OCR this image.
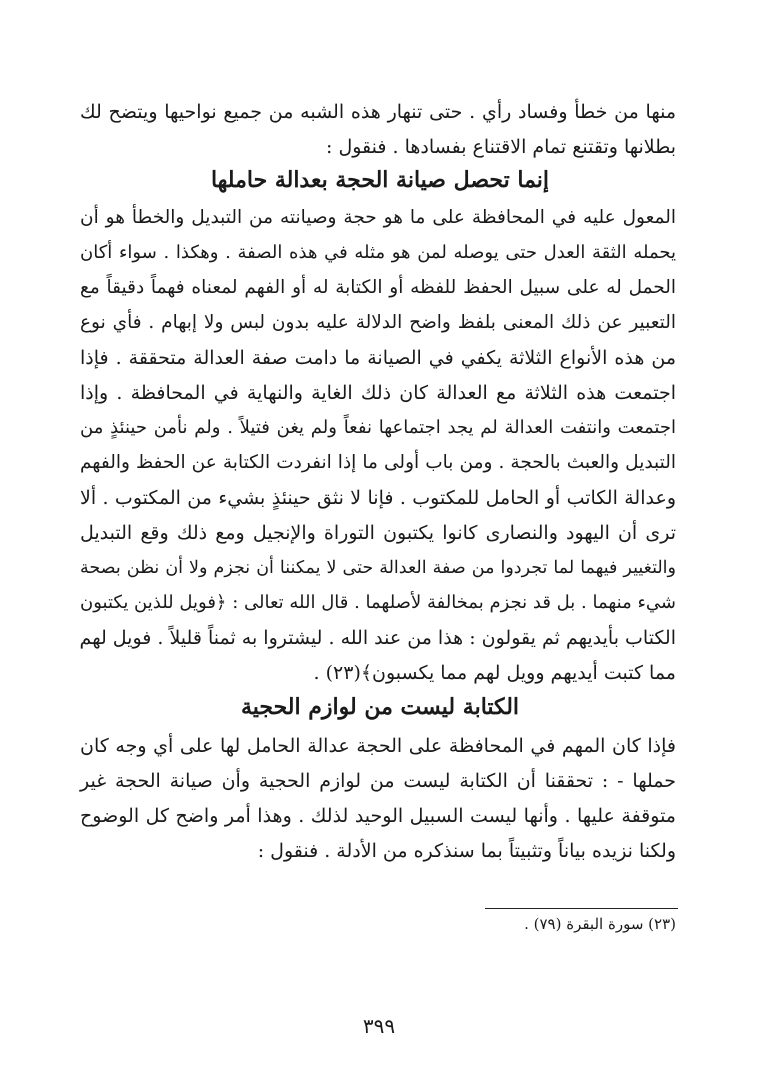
منها من خطأ وفساد رأي . حتى تنهار هذه الشبه من جميع نواحيها ويتضح لك
بطلانها وتقتنع تمام الاقتناع بفسادها . فنقول :
إنما تحصل صيانة الحجة بعدالة حاملها
المعول عليه في المحافظة على ما هو حجة وصيانته من التبديل والخطأ هو أن
يحمله الثقة العدل حتى يوصله لمن هو مثله في هذه الصفة . وهكذا . سواء أكان
الحمل له على سبيل الحفظ للفظه أو الكتابة له أو الفهم لمعناه فهماً دقيقاً مع
التعبير عن ذلك المعنى بلفظ واضح الدلالة عليه بدون لبس ولا إبهام . فأي نوع
من هذه الأنواع الثلاثة يكفي في الصيانة ما دامت صفة العدالة متحققة . فإذا
اجتمعت هذه الثلاثة مع العدالة كان ذلك الغاية والنهاية في المحافظة . وإذا
اجتمعت وانتفت العدالة لم يجد اجتماعها نفعاً ولم يغن فتيلاً . ولم نأمن حينئذٍ من
التبديل والعبث بالحجة . ومن باب أولى ما إذا انفردت الكتابة عن الحفظ والفهم
وعدالة الكاتب أو الحامل للمكتوب . فإنا لا نثق حينئذٍ بشيء من المكتوب . ألا
ترى أن اليهود والنصارى كانوا يكتبون التوراة والإنجيل ومع ذلك وقع التبديل
والتغيير فيهما لما تجردوا من صفة العدالة حتى لا يمكننا أن نجزم ولا أن نظن بصحة
شيء منهما . بل قد نجزم بمخالفة لأصلهما . قال الله تعالى : ﴿فويل للذين يكتبون
الكتاب بأيديهم ثم يقولون : هذا من عند الله . ليشتروا به ثمناً قليلاً . فويل لهم
مما كتبت أيديهم وويل لهم مما يكسبون﴾(٢٣) .
الكتابة ليست من لوازم الحجية
فإذا كان المهم في المحافظة على الحجة عدالة الحامل لها على أي وجه كان
حملها - : تحققنا أن الكتابة ليست من لوازم الحجية وأن صيانة الحجة غير
متوقفة عليها . وأنها ليست السبيل الوحيد لذلك . وهذا أمر واضح كل الوضوح
ولكنا نزيده بياناً وتثبيتاً بما سنذكره من الأدلة . فنقول :
(٢٣) سورة البقرة (٧٩) .
٣٩٩
